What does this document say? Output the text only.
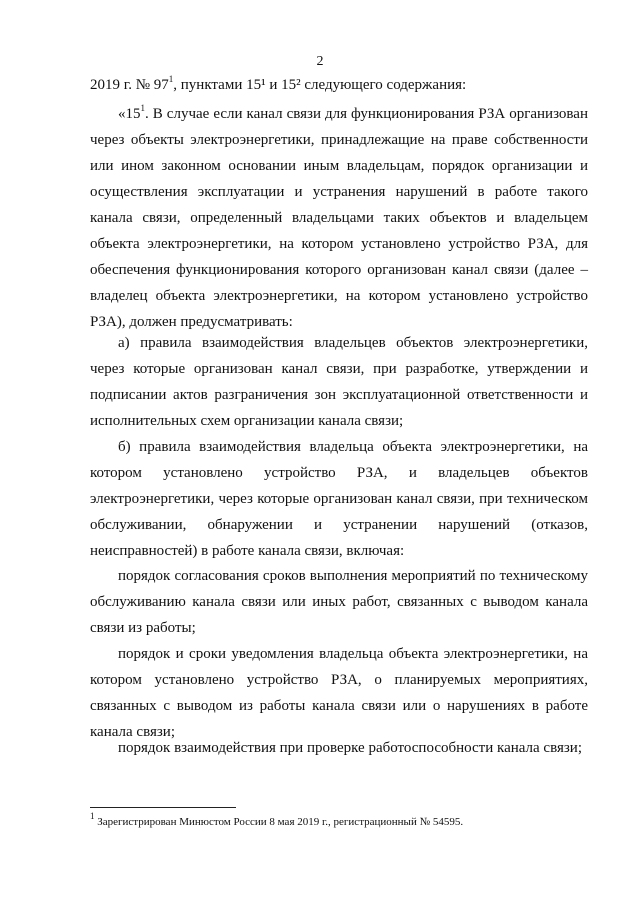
2

2019 г. № $97^1$, пунктами 15¹ и 15² следующего содержания:

«$15^1$. В случае если канал связи для функционирования РЗА организован через объекты электроэнергетики, принадлежащие на праве собственности или ином законном основании иным владельцам, порядок организации и осуществления эксплуатации и устранения нарушений в работе такого канала связи, определенный владельцами таких объектов и владельцем объекта электроэнергетики, на котором установлено устройство РЗА, для обеспечения функционирования которого организован канал связи (далее – владелец объекта электроэнергетики, на котором установлено устройство РЗА), должен предусматривать:

а) правила взаимодействия владельцев объектов электроэнергетики, через которые организован канал связи, при разработке, утверждении и подписании актов разграничения зон эксплуатационной ответственности и исполнительных схем организации канала связи;

б) правила взаимодействия владельца объекта электроэнергетики, на котором установлено устройство РЗА, и владельцев объектов электроэнергетики, через которые организован канал связи, при техническом обслуживании, обнаружении и устранении нарушений (отказов, неисправностей) в работе канала связи, включая:

порядок согласования сроков выполнения мероприятий по техническому обслуживанию канала связи или иных работ, связанных с выводом канала связи из работы;

порядок и сроки уведомления владельца объекта электроэнергетики, на котором установлено устройство РЗА, о планируемых мероприятиях, связанных с выводом из работы канала связи или о нарушениях в работе канала связи;

порядок взаимодействия при проверке работоспособности канала связи;

$^1$ Зарегистрирован Минюстом России 8 мая 2019 г., регистрационный № 54595.
